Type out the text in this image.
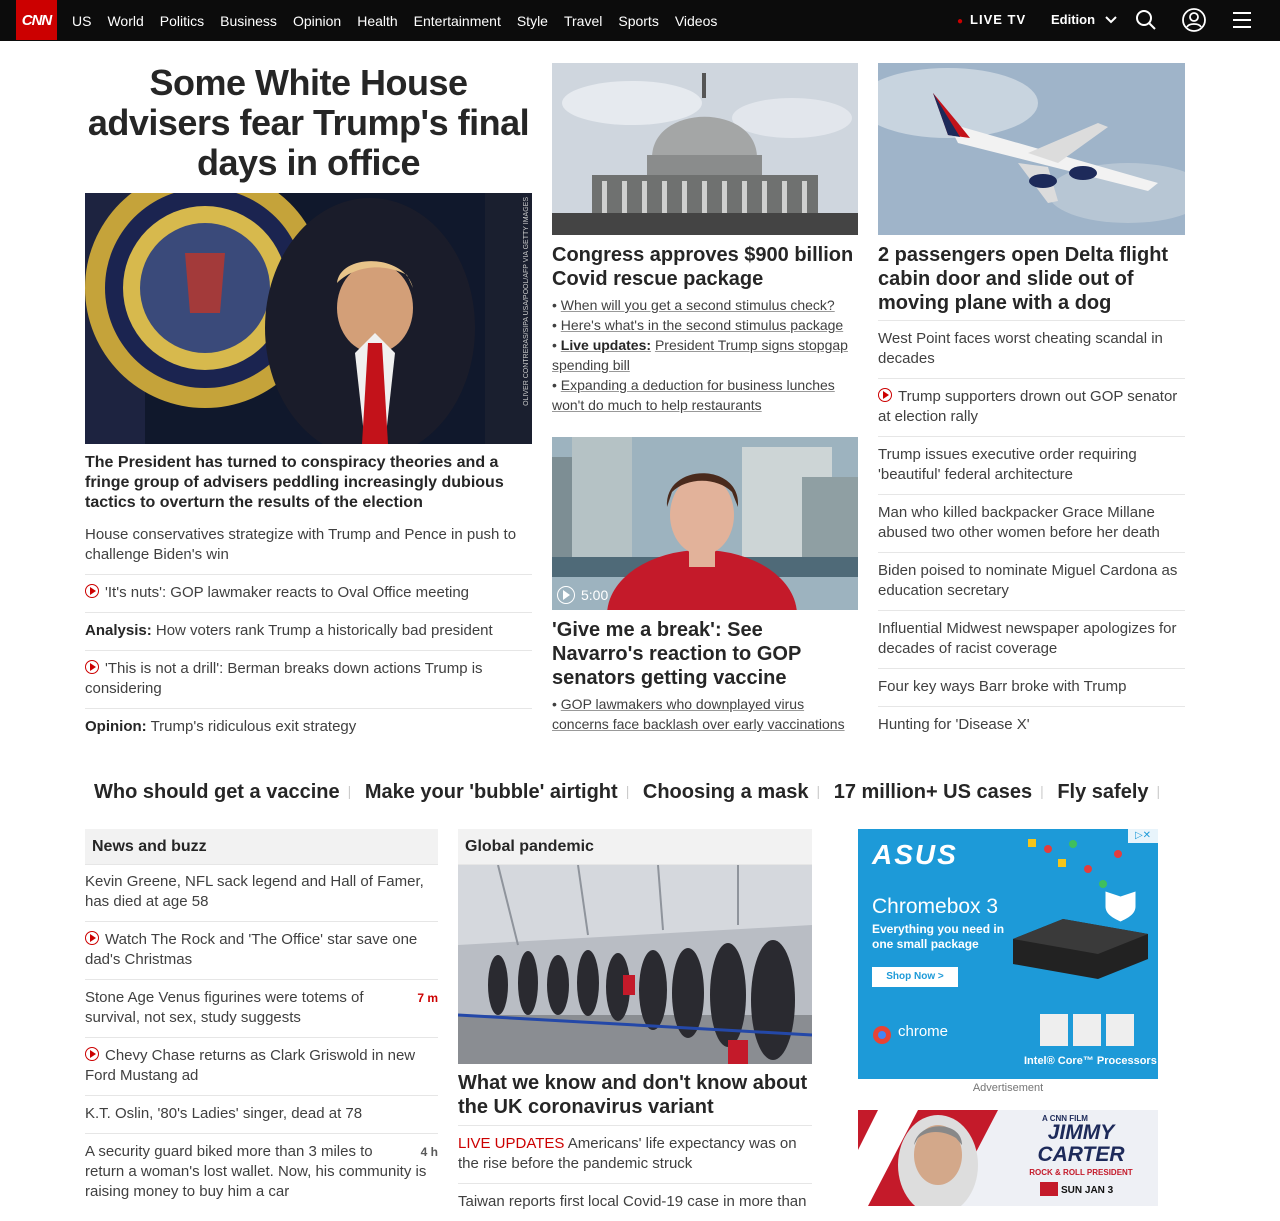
CNN	US	World	Politics	Business	Opinion	Health	Entertainment	Style	Travel	Sports	Videos	● LIVE TV Edition
Some White House advisers fear Trump's final days in office
OLIVER CONTRERAS/SIPA USA/POOL/AFP VIA GETTY IMAGES
The President has turned to conspiracy theories and a fringe group of advisers peddling increasingly dubious tactics to overturn the results of the election
House conservatives strategize with Trump and Pence in push to challenge Biden's win
'It's nuts': GOP lawmaker reacts to Oval Office meeting
Analysis: How voters rank Trump a historically bad president
'This is not a drill': Berman breaks down actions Trump is considering
Opinion: Trump's ridiculous exit strategy
Congress approves $900 billion Covid rescue package
• When will you get a second stimulus check?
• Here's what's in the second stimulus package
• Live updates: President Trump signs stopgap spending bill
• Expanding a deduction for business lunches won't do much to help restaurants
5:00
'Give me a break': See Navarro's reaction to GOP senators getting vaccine
• GOP lawmakers who downplayed virus concerns face backlash over early vaccinations
2 passengers open Delta flight cabin door and slide out of moving plane with a dog
West Point faces worst cheating scandal in decades
Trump supporters drown out GOP senator at election rally
Trump issues executive order requiring 'beautiful' federal architecture
Man who killed backpacker Grace Millane abused two other women before her death
Biden poised to nominate Miguel Cardona as education secretary
Influential Midwest newspaper apologizes for decades of racist coverage
Four key ways Barr broke with Trump
Hunting for 'Disease X'
Who should get a vaccine | Make your 'bubble' airtight | Choosing a mask | 17 million+ US cases | Fly safely |
News and buzz
Kevin Greene, NFL sack legend and Hall of Famer, has died at age 58
Watch The Rock and 'The Office' star save one dad's Christmas
7 m
Stone Age Venus figurines were totems of survival, not sex, study suggests
Chevy Chase returns as Clark Griswold in new Ford Mustang ad
K.T. Oslin, '80's Ladies' singer, dead at 78
4 h
A security guard biked more than 3 miles to return a woman's lost wallet. Now, his community is raising money to buy him a car
Global pandemic
What we know and don't know about the UK coronavirus variant
LIVE UPDATES Americans' life expectancy was on the rise before the pandemic struck
Taiwan reports first local Covid-19 case in more than
ASUS
Chromebox 3
Everything you need in one small package
Shop Now >
chrome
Intel® Core™ Processors
▷✕
Advertisement
A CNN FILM
JIMMY CARTER
ROCK & ROLL PRESIDENT
SUN JAN 3
